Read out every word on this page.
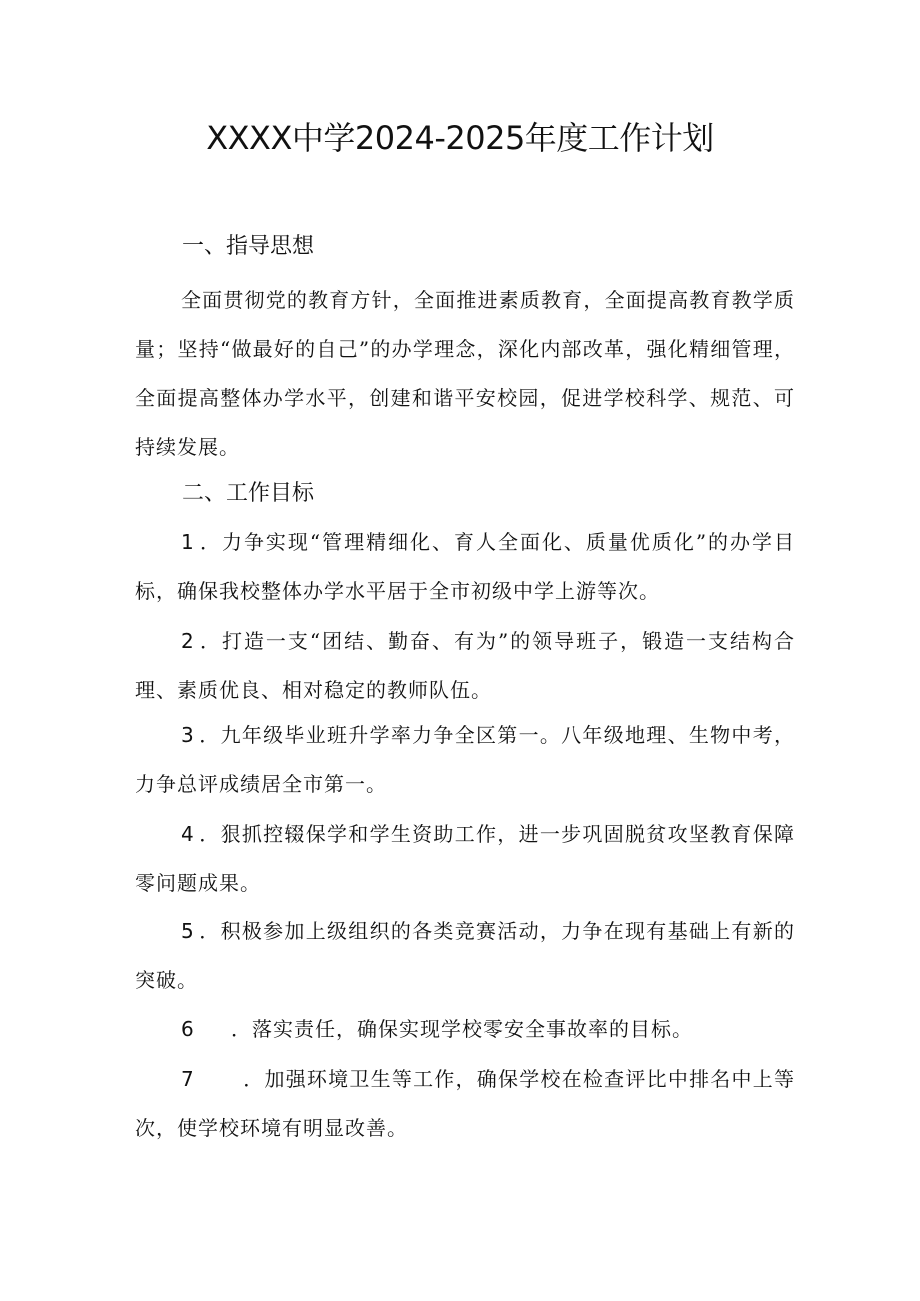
XXXX中学2024-2025年度工作计划
一、指导思想

全面贯彻党的教育方针，全面推进素质教育，全面提高教育教学质量；坚持“做最好的自己”的办学理念，深化内部改革，强化精细管理，全面提高整体办学水平，创建和谐平安校园，促进学校科学、规范、可持续发展。

二、工作目标

1 ．力争实现“管理精细化、育人全面化、质量优质化”的办学目标，确保我校整体办学水平居于全市初级中学上游等次。

2 ．打造一支“团结、勤奋、有为”的领导班子，锻造一支结构合理、素质优良、相对稳定的教师队伍。

3 ．九年级毕业班升学率力争全区第一。八年级地理、生物中考，力争总评成绩居全市第一。

4 ．狠抓控辍保学和学生资助工作，进一步巩固脱贫攻坚教育保障零问题成果。

5 ．积极参加上级组织的各类竞赛活动，力争在现有基础上有新的突破。

6 ．落实责任，确保实现学校零安全事故率的目标。

7 ．加强环境卫生等工作，确保学校在检查评比中排名中上等次，使学校环境有明显改善。
